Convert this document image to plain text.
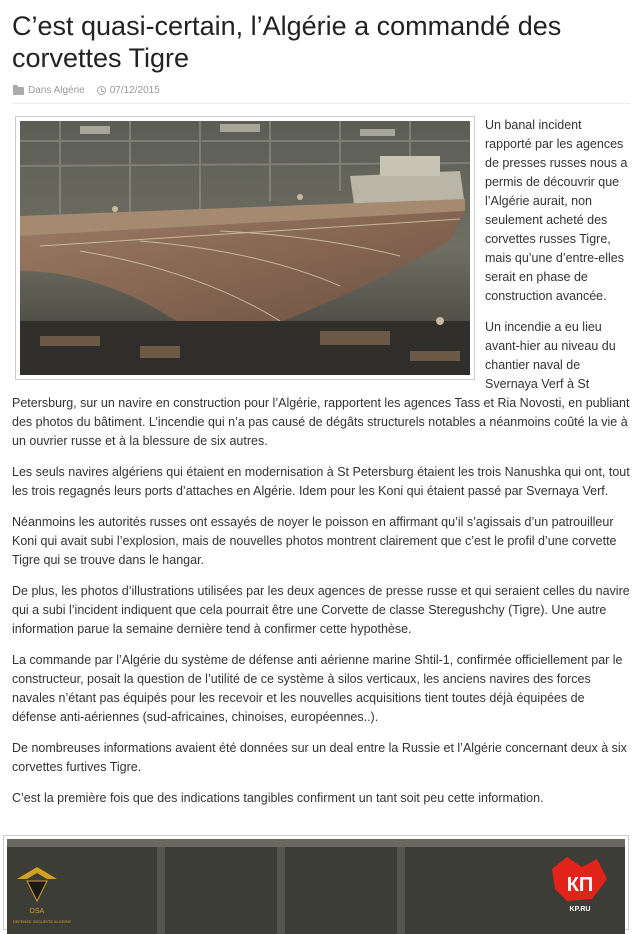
C’est quasi-certain, l’Algérie a commandé des corvettes Tigre
Dans Algérie	07/12/2015

Un banal incident rapporté par les agences de presses russes nous a permis de découvrir que l’Algérie aurait, non seulement acheté des corvettes russes Tigre, mais qu’une d’entre-elles serait en phase de construction avancée.

Un incendie a eu lieu avant-hier au niveau du chantier naval de Svernaya Verf à St Petersburg, sur un navire en construction pour l’Algérie, rapportent les agences Tass et Ria Novosti, en publiant des photos du bâtiment. L’incendie qui n’a pas causé de dégâts structurels notables a néanmoins coûté la vie à un ouvrier russe et à la blessure de six autres.

Les seuls navires algériens qui étaient en modernisation à St Petersburg étaient les trois Nanushka qui ont, tout les trois regagnés leurs ports d’attaches en Algérie. Idem pour les Koni qui étaient passé par Svernaya Verf.

Néanmoins les autorités russes ont essayés de noyer le poisson en affirmant qu’il s’agissais d’un patrouilleur Koni qui avait subi l’explosion, mais de nouvelles photos montrent clairement que c’est le profil d’une corvette Tigre qui se trouve dans le hangar.

De plus, les photos d’illustrations utilisées par les deux agences de presse russe et qui seraient celles du navire qui a subi l’incident indiquent que cela pourrait être une Corvette de classe Steregushchy (Tigre). Une autre information parue la semaine dernière tend à confirmer cette hypothèse.

La commande par l’Algérie du système de défense anti aérienne marine Shtil-1, confirmée officiellement par le constructeur, posait la question de l’utilité de ce système à silos verticaux, les anciens navires des forces navales n’étant pas équipés pour les recevoir et les nouvelles acquisitions tient toutes déjà équipées de défense anti-aériennes (sud-africaines, chinoises, européennes..).

De nombreuses informations avaient été données sur un deal entre la Russie et l’Algérie concernant deux à six corvettes furtives Tigre.

C’est la première fois que des indications tangibles confirment un tant soit peu cette information.

DSA
DEFENSE SECURITE ALGERIE
КП
KP.RU
